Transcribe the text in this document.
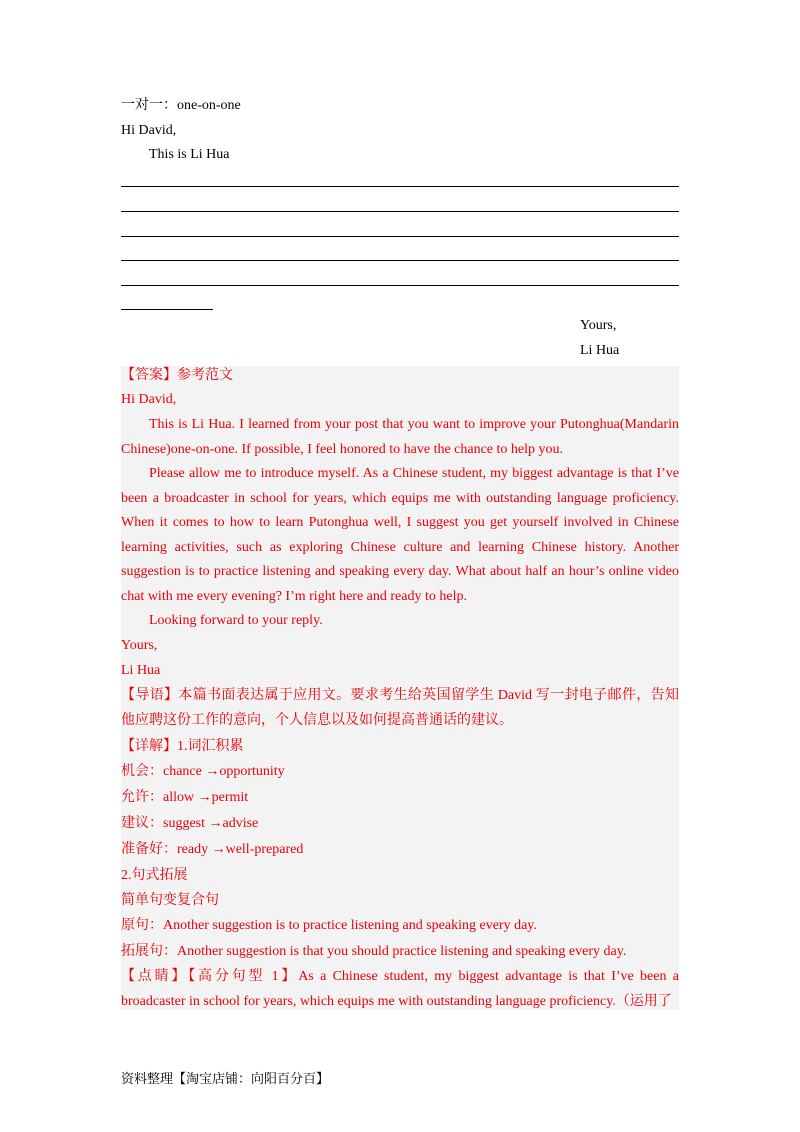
一对一：one-on-one
Hi David,
This is Li Hua
Yours,
Li Hua
【答案】参考范文
Hi David,
This is Li Hua. I learned from your post that you want to improve your Putonghua(Mandarin
Chinese)one-on-one. If possible, I feel honored to have the chance to help you.
Please allow me to introduce myself. As a Chinese student, my biggest advantage is that I’ve
been a broadcaster in school for years, which equips me with outstanding language proficiency.
When it comes to how to learn Putonghua well, I suggest you get yourself involved in Chinese
learning activities, such as exploring Chinese culture and learning Chinese history. Another
suggestion is to practice listening and speaking every day. What about half an hour’s online video
chat with me every evening? I’m right here and ready to help.
Looking forward to your reply.
Yours,
Li Hua
【导语】本篇书面表达属于应用文。要求考生给英国留学生 David 写一封电子邮件，告知
他应聘这份工作的意向，个人信息以及如何提高普通话的建议。
【详解】1.词汇积累
机会：chance →opportunity
允许：allow →permit
建议：suggest →advise
准备好：ready →well-prepared
2.句式拓展
简单句变复合句
原句：Another suggestion is to practice listening and speaking every day.
拓展句：Another suggestion is that you should practice listening and speaking every day.
【点睛】【高分句型 1】As a Chinese student, my biggest advantage is that I’ve been a
broadcaster in school for years, which equips me with outstanding language proficiency.（运用了
资料整理【淘宝店铺：向阳百分百】
